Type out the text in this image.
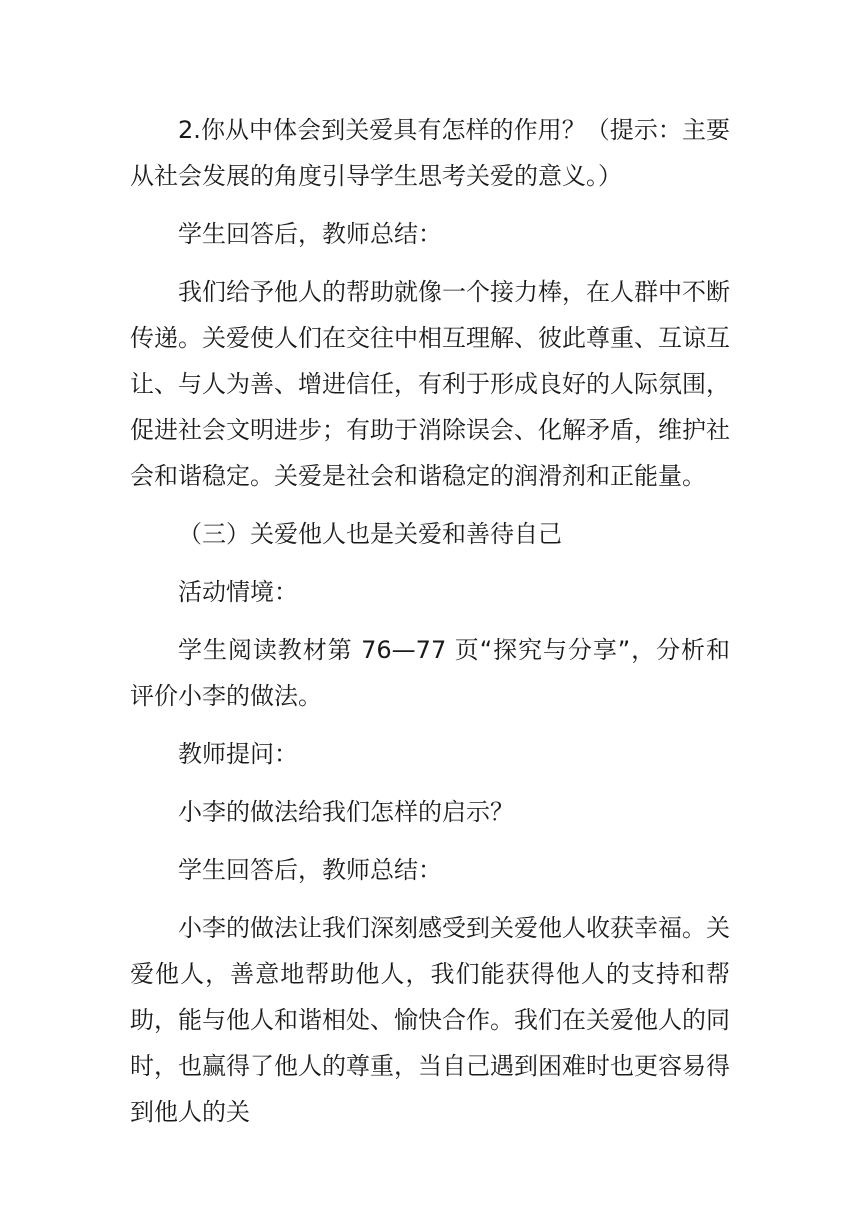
2.你从中体会到关爱具有怎样的作用？（提示：主要从社会发展的角度引导学生思考关爱的意义。）

学生回答后，教师总结：

我们给予他人的帮助就像一个接力棒，在人群中不断传递。关爱使人们在交往中相互理解、彼此尊重、互谅互让、与人为善、增进信任，有利于形成良好的人际氛围，促进社会文明进步；有助于消除误会、化解矛盾，维护社会和谐稳定。关爱是社会和谐稳定的润滑剂和正能量。

（三）关爱他人也是关爱和善待自己

活动情境：

学生阅读教材第 76—77 页“探究与分享”，分析和评价小李的做法。

教师提问：

小李的做法给我们怎样的启示？

学生回答后，教师总结：

小李的做法让我们深刻感受到关爱他人收获幸福。关爱他人，善意地帮助他人，我们能获得他人的支持和帮助，能与他人和谐相处、愉快合作。我们在关爱他人的同时，也赢得了他人的尊重，当自己遇到困难时也更容易得到他人的关
